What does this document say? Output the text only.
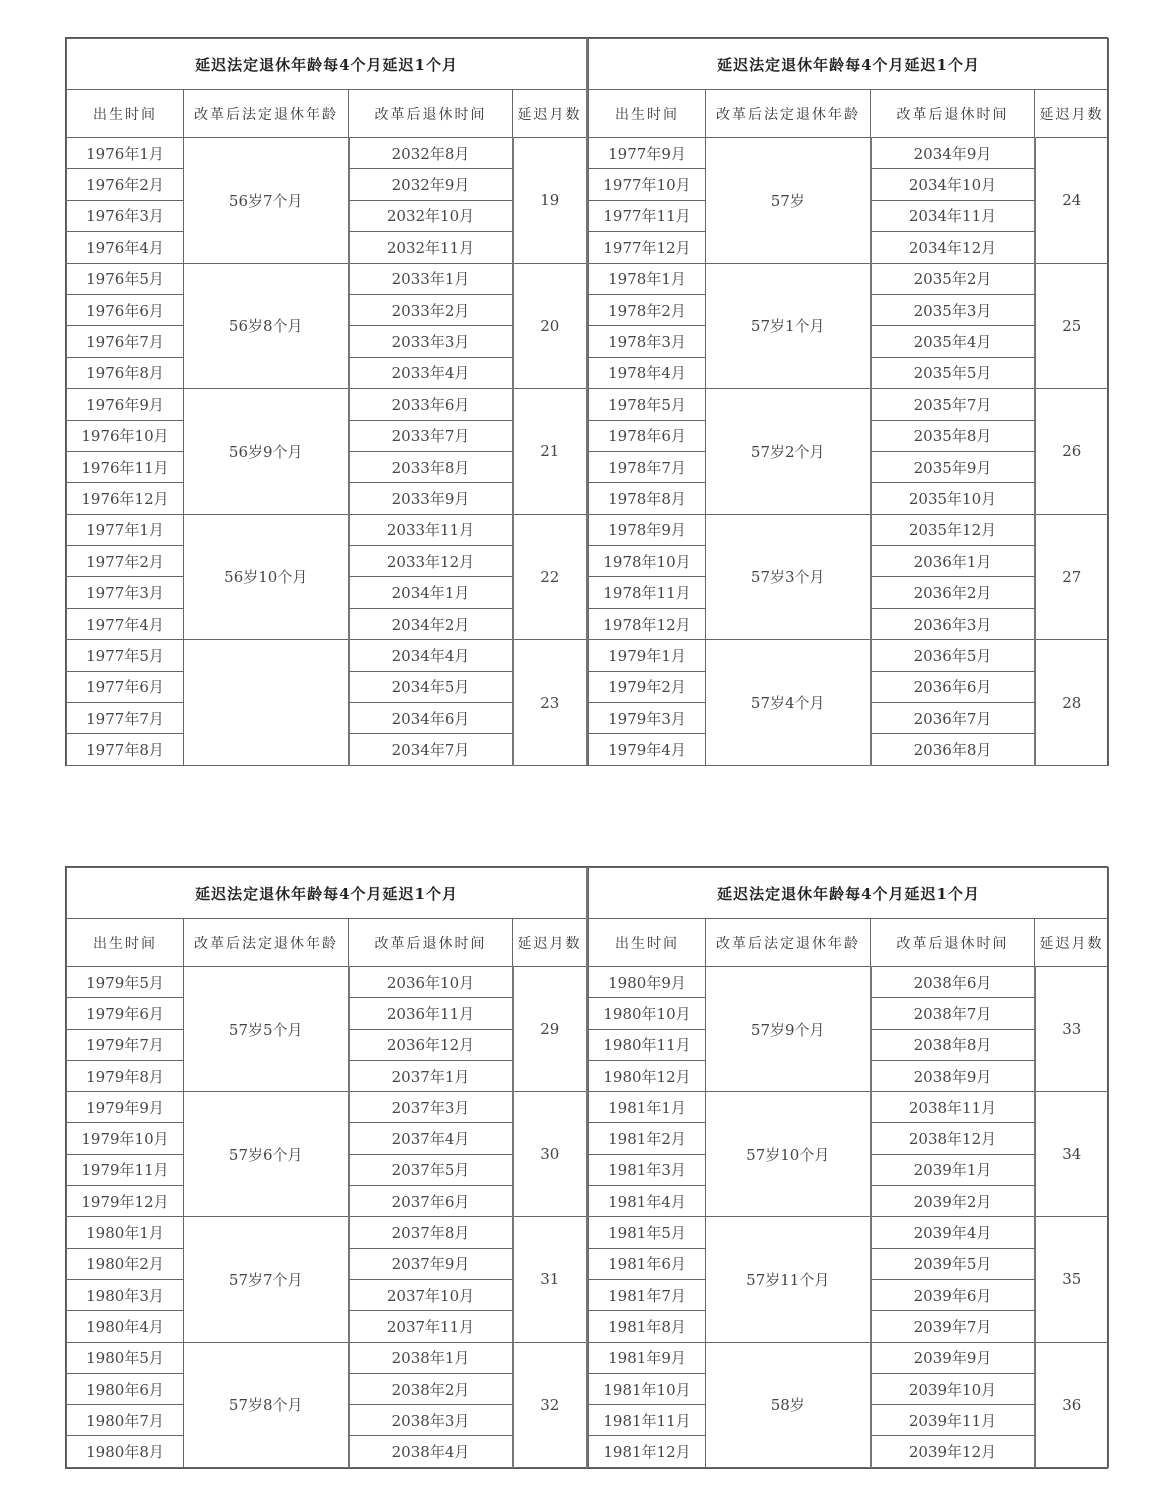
延迟法定退休年龄每4个月延迟1个月			
出生时间	改革后法定退休年龄	改革后退休时间	延迟月数
1976年1月	56岁7个月	2032年8月	19
1976年2月		2032年9月	
1976年3月		2032年10月	
1976年4月		2032年11月	
1976年5月	56岁8个月	2033年1月	20
1976年6月		2033年2月	
1976年7月		2033年3月	
1976年8月		2033年4月	
1976年9月	56岁9个月	2033年6月	21
1976年10月		2033年7月	
1976年11月		2033年8月	
1976年12月		2033年9月	
1977年1月	56岁10个月	2033年11月	22
1977年2月		2033年12月	
1977年3月		2034年1月	
1977年4月		2034年2月	
1977年5月		2034年4月	23
1977年6月		2034年5月	
1977年7月		2034年6月	
1977年8月		2034年7月	
延迟法定退休年龄每4个月延迟1个月			
出生时间	改革后法定退休年龄	改革后退休时间	延迟月数
1977年9月	57岁	2034年9月	24
1977年10月		2034年10月	
1977年11月		2034年11月	
1977年12月		2034年12月	
1978年1月	57岁1个月	2035年2月	25
1978年2月		2035年3月	
1978年3月		2035年4月	
1978年4月		2035年5月	
1978年5月	57岁2个月	2035年7月	26
1978年6月		2035年8月	
1978年7月		2035年9月	
1978年8月		2035年10月	
1978年9月	57岁3个月	2035年12月	27
1978年10月		2036年1月	
1978年11月		2036年2月	
1978年12月		2036年3月	
1979年1月	57岁4个月	2036年5月	28
1979年2月		2036年6月	
1979年3月		2036年7月	
1979年4月		2036年8月	
延迟法定退休年龄每4个月延迟1个月			
出生时间	改革后法定退休年龄	改革后退休时间	延迟月数
1979年5月	57岁5个月	2036年10月	29
1979年6月		2036年11月	
1979年7月		2036年12月	
1979年8月		2037年1月	
1979年9月	57岁6个月	2037年3月	30
1979年10月		2037年4月	
1979年11月		2037年5月	
1979年12月		2037年6月	
1980年1月	57岁7个月	2037年8月	31
1980年2月		2037年9月	
1980年3月		2037年10月	
1980年4月		2037年11月	
1980年5月	57岁8个月	2038年1月	32
1980年6月		2038年2月	
1980年7月		2038年3月	
1980年8月		2038年4月	
延迟法定退休年龄每4个月延迟1个月			
出生时间	改革后法定退休年龄	改革后退休时间	延迟月数
1980年9月	57岁9个月	2038年6月	33
1980年10月		2038年7月	
1980年11月		2038年8月	
1980年12月		2038年9月	
1981年1月	57岁10个月	2038年11月	34
1981年2月		2038年12月	
1981年3月		2039年1月	
1981年4月		2039年2月	
1981年5月	57岁11个月	2039年4月	35
1981年6月		2039年5月	
1981年7月		2039年6月	
1981年8月		2039年7月	
1981年9月	58岁	2039年9月	36
1981年10月		2039年10月	
1981年11月		2039年11月	
1981年12月		2039年12月	
